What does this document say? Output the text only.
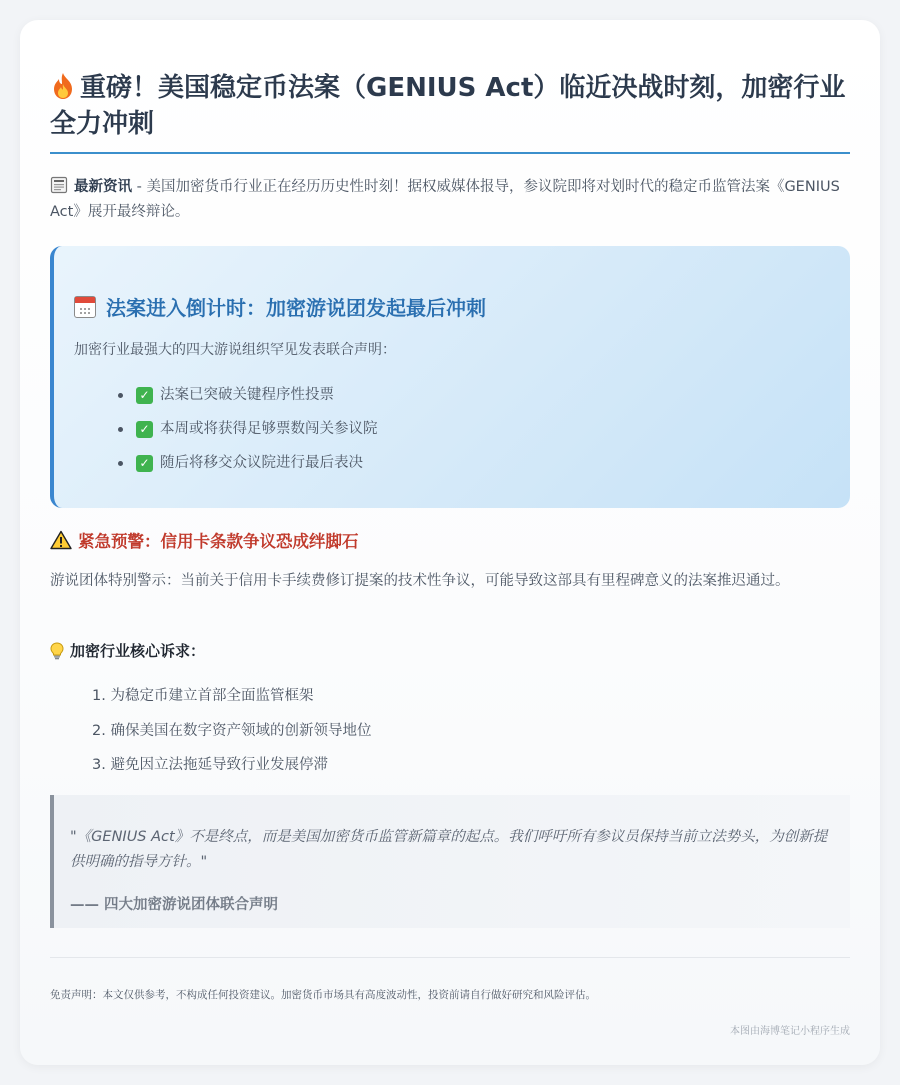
重磅！美国稳定币法案（GENIUS Act）临近决战时刻，加密行业全力冲刺

最新资讯 - 美国加密货币行业正在经历历史性时刻！据权威媒体报导，参议院即将对划时代的稳定币监管法案《GENIUS Act》展开最终辩论。

法案进入倒计时：加密游说团发起最后冲刺

加密行业最强大的四大游说组织罕见发表联合声明：

✓ 法案已突破关键程序性投票
✓ 本周或将获得足够票数闯关参议院
✓ 随后将移交众议院进行最后表决
紧急预警：信用卡条款争议恐成绊脚石

游说团体特别警示：当前关于信用卡手续费修订提案的技术性争议，可能导致这部具有里程碑意义的法案推迟通过。

加密行业核心诉求：
1. 为稳定币建立首部全面监管框架
2. 确保美国在数字资产领域的创新领导地位
3. 避免因立法拖延导致行业发展停滞

"《GENIUS Act》不是终点，而是美国加密货币监管新篇章的起点。我们呼吁所有参议员保持当前立法势头，为创新提供明确的指导方针。"

—— 四大加密游说团体联合声明

免责声明：本文仅供参考，不构成任何投资建议。加密货币市场具有高度波动性，投资前请自行做好研究和风险评估。

本图由海博笔记小程序生成
